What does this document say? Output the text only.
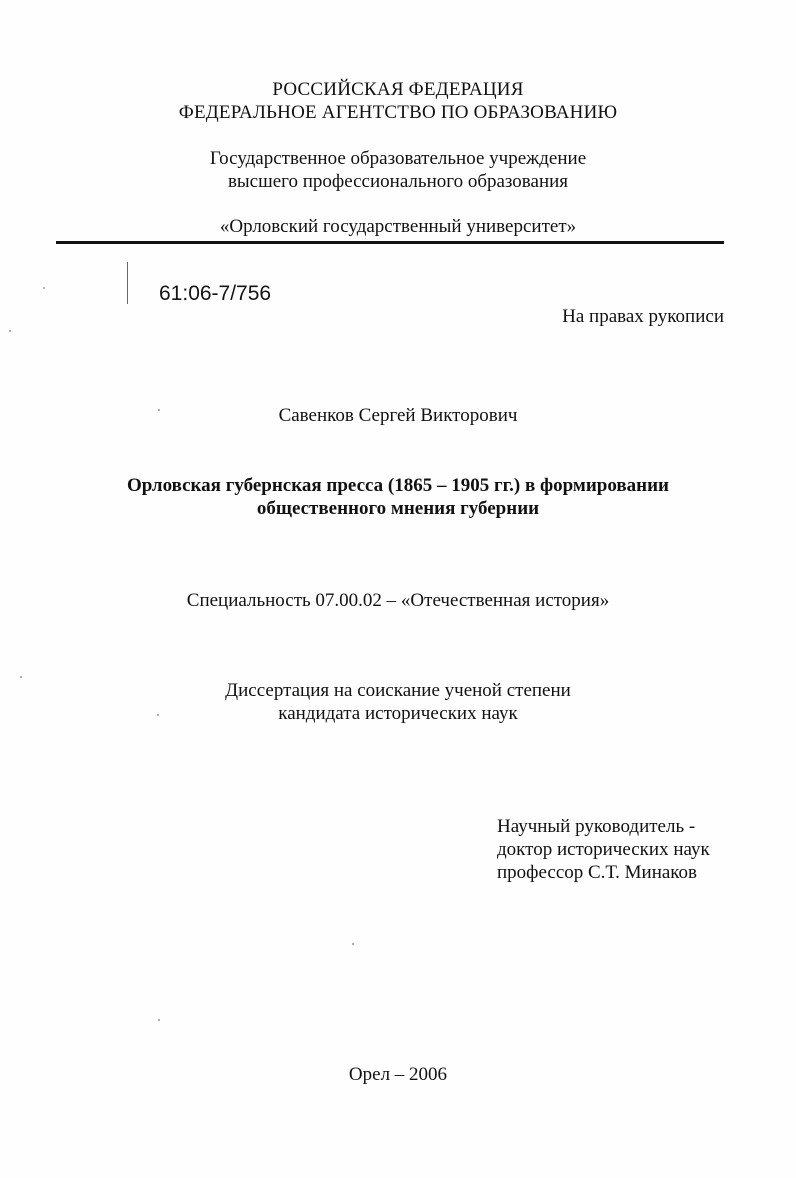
РОССИЙСКАЯ ФЕДЕРАЦИЯ
ФЕДЕРАЛЬНОЕ АГЕНТСТВО ПО ОБРАЗОВАНИЮ
Государственное образовательное учреждение
высшего профессионального образования
«Орловский государственный университет»
61:06-7/756
На правах рукописи
Савенков Сергей Викторович
Орловская губернская пресса (1865 – 1905 гг.) в формировании
общественного мнения губернии
Специальность 07.00.02 – «Отечественная история»
Диссертация на соискание ученой степени
кандидата исторических наук
Научный руководитель -
доктор исторических наук
профессор С.Т. Минаков
Орел – 2006
